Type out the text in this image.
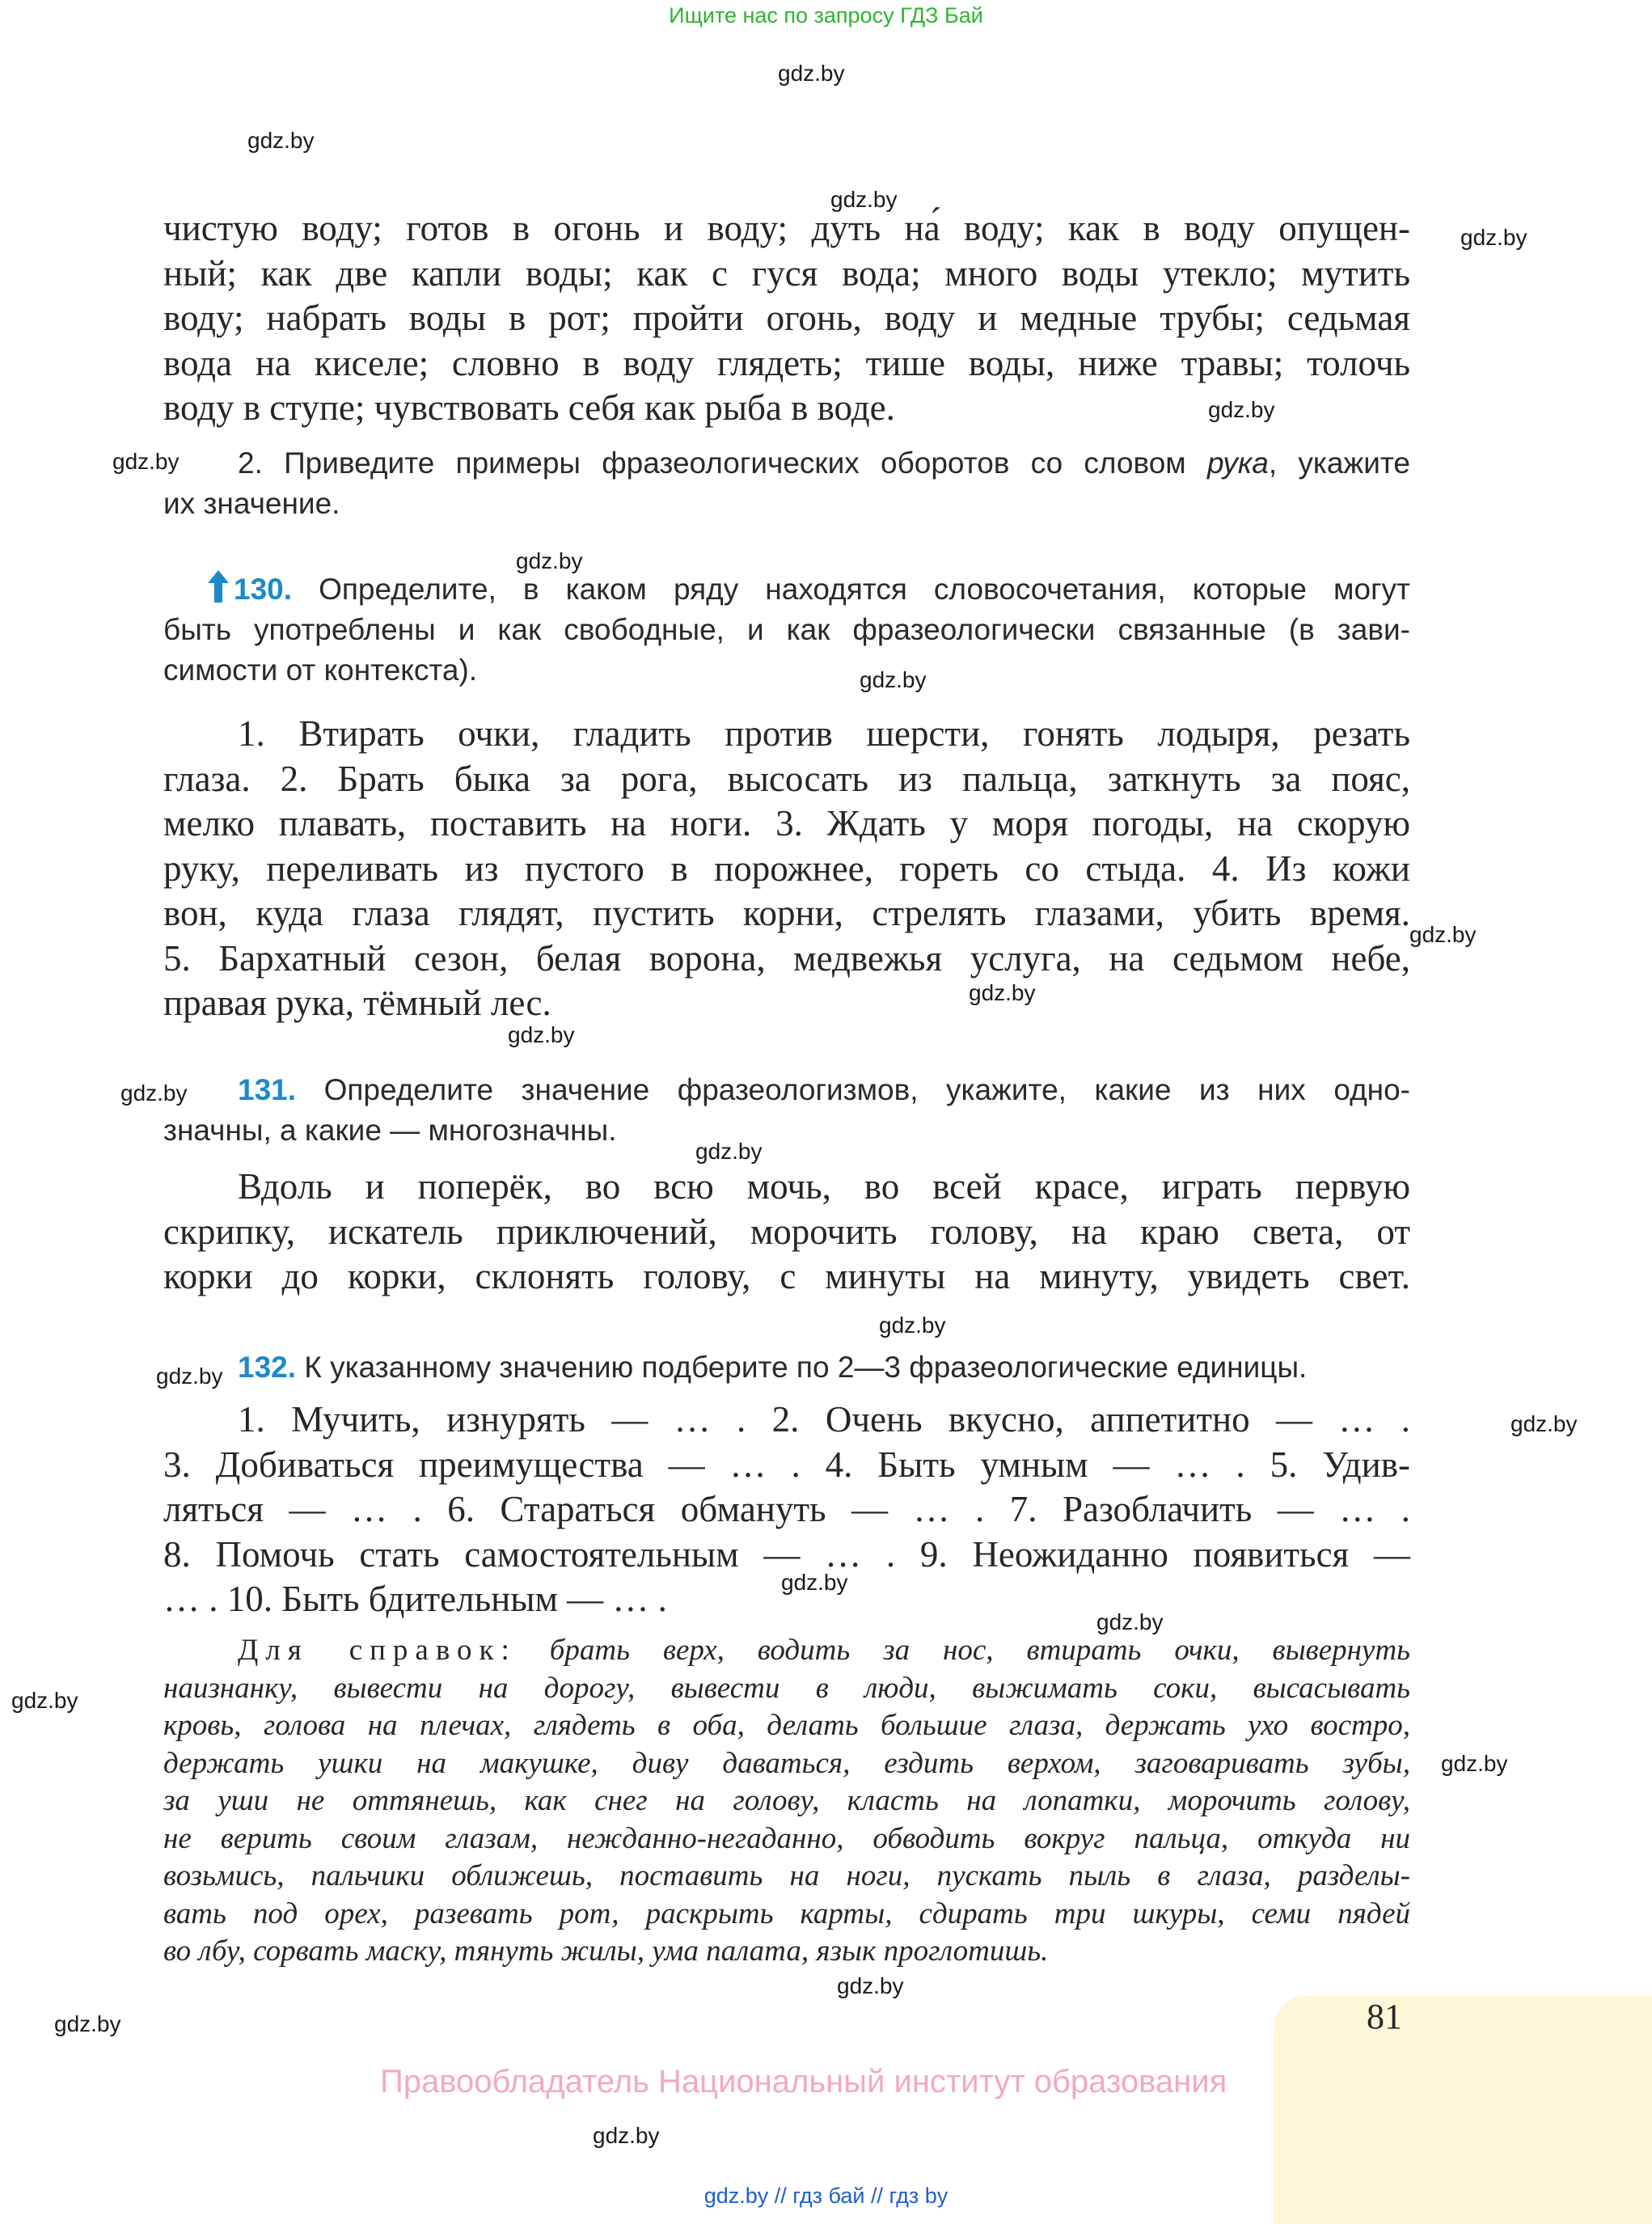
Ищите нас по запросу ГДЗ Бай
gdz.by
gdz.by
gdz.by
gdz.by
gdz.by
gdz.by
gdz.by
gdz.by
gdz.by
gdz.by
gdz.by
gdz.by
gdz.by
gdz.by
gdz.by
gdz.by
gdz.by
gdz.by
gdz.by
gdz.by
gdz.by
gdz.by
gdz.by
чистую воду; готов в огонь и воду; дуть на́ воду; как в воду опущен-
ный; как две капли воды; как с гуся вода; много воды утекло; мутить
воду; набрать воды в рот; пройти огонь, воду и медные трубы; седьмая
вода на киселе; словно в воду глядеть; тише воды, ниже травы; толочь
воду в ступе; чувствовать себя как рыба в воде.
2. Приведите примеры фразеологических оборотов со словом рука, укажите
их значение.
130. Определите, в каком ряду находятся словосочетания, которые могут
быть употреблены и как свободные, и как фразеологически связанные (в зави-
симости от контекста).
1. Втирать очки, гладить против шерсти, гонять лодыря, резать
глаза. 2. Брать быка за рога, высосать из пальца, заткнуть за пояс,
мелко плавать, поставить на ноги. 3. Ждать у моря погоды, на скорую
руку, переливать из пустого в порожнее, гореть со стыда. 4. Из кожи
вон, куда глаза глядят, пустить корни, стрелять глазами, убить время.
5. Бархатный сезон, белая ворона, медвежья услуга, на седьмом небе,
правая рука, тёмный лес.
131. Определите значение фразеологизмов, укажите, какие из них одно-
значны, а какие — многозначны.
Вдоль и поперёк, во всю мочь, во всей красе, играть первую
скрипку, искатель приключений, морочить голову, на краю света, от
корки до корки, склонять голову, с минуты на минуту, увидеть свет.
132. К указанному значению подберите по 2—3 фразеологические единицы.
1. Мучить, изнурять — … . 2. Очень вкусно, аппетитно — … .
3. Добиваться преимущества — … . 4. Быть умным — … . 5. Удив-
ляться — … . 6. Стараться обмануть — … . 7. Разоблачить — … .
8. Помочь стать самостоятельным — … . 9. Неожиданно появиться —
… . 10. Быть бдительным — … .
Для справок: брать верх, водить за нос, втирать очки, вывернуть
наизнанку, вывести на дорогу, вывести в люди, выжимать соки, высасывать
кровь, голова на плечах, глядеть в оба, делать большие глаза, держать ухо востро,
держать ушки на макушке, диву даваться, ездить верхом, заговаривать зубы,
за уши не оттянешь, как снег на голову, класть на лопатки, морочить голову,
не верить своим глазам, нежданно-негаданно, обводить вокруг пальца, откуда ни
возьмись, пальчики оближешь, поставить на ноги, пускать пыль в глаза, разделы-
вать под орех, разевать рот, раскрыть карты, сдирать три шкуры, семи пядей
во лбу, сорвать маску, тянуть жилы, ума палата, язык проглотишь.
81
Правообладатель Национальный институт образования
gdz.by // гдз бай // гдз by
